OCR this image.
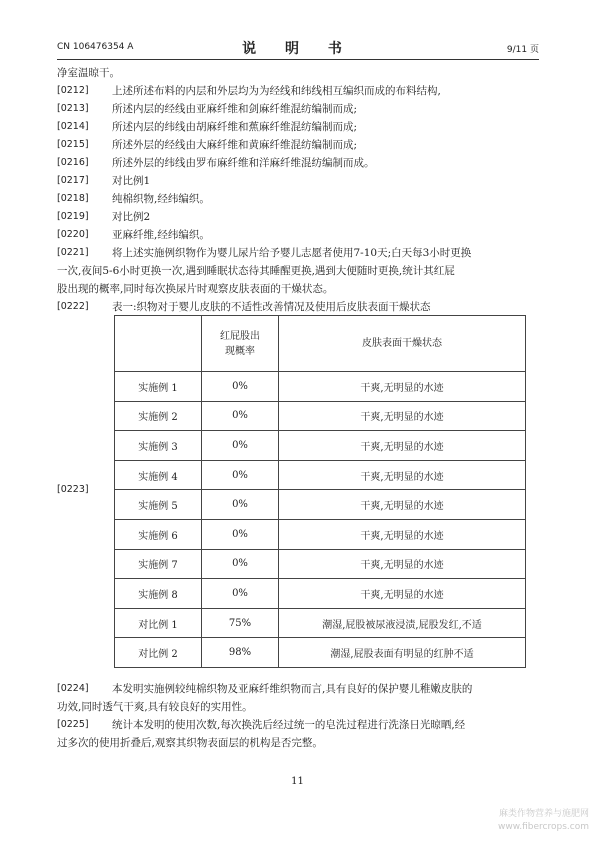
CN 106476354 A	说 明 书	9/11 页
净室温晾干。
[0212] 上述所述布料的内层和外层均为为经线和纬线相互编织而成的布料结构,
[0213] 所述内层的经线由亚麻纤维和剑麻纤维混纺编制而成;
[0214] 所述内层的纬线由胡麻纤维和蕉麻纤维混纺编制而成;
[0215] 所述外层的经线由大麻纤维和黄麻纤维混纺编制而成;
[0216] 所述外层的纬线由罗布麻纤维和洋麻纤维混纺编制而成。
[0217] 对比例1
[0218] 纯棉织物,经纬编织。
[0219] 对比例2
[0220] 亚麻纤维,经纬编织。
[0221] 将上述实施例织物作为婴儿尿片给予婴儿志愿者使用7-10天;白天每3小时更换
一次,夜间5-6小时更换一次,遇到睡眠状态待其睡醒更换,遇到大便随时更换,统计其红屁
股出现的概率,同时每次换尿片时观察皮肤表面的干燥状态。
[0222] 表一:织物对于婴儿皮肤的不适性改善情况及使用后皮肤表面干燥状态
[0223]

	红屁股出
现概率	皮肤表面干燥状态
实施例 1	0%	干爽,无明显的水迹
实施例 2	0%	干爽,无明显的水迹
实施例 3	0%	干爽,无明显的水迹
实施例 4	0%	干爽,无明显的水迹
实施例 5	0%	干爽,无明显的水迹
实施例 6	0%	干爽,无明显的水迹
实施例 7	0%	干爽,无明显的水迹
实施例 8	0%	干爽,无明显的水迹
对比例 1	75%	潮湿,屁股被尿液浸渍,屁股发红,不适
对比例 2	98%	潮湿,屁股表面有明显的红肿不适
[0224] 本发明实施例较纯棉织物及亚麻纤维织物而言,具有良好的保护婴儿稚嫩皮肤的
功效,同时透气干爽,具有较良好的实用性。
[0225] 统计本发明的使用次数,每次换洗后经过统一的皂洗过程进行洗涤日光晾晒,经
过多次的使用折叠后,观察其织物表面层的机构是否完整。
11
麻类作物营养与施肥网
www.fibercrops.com
